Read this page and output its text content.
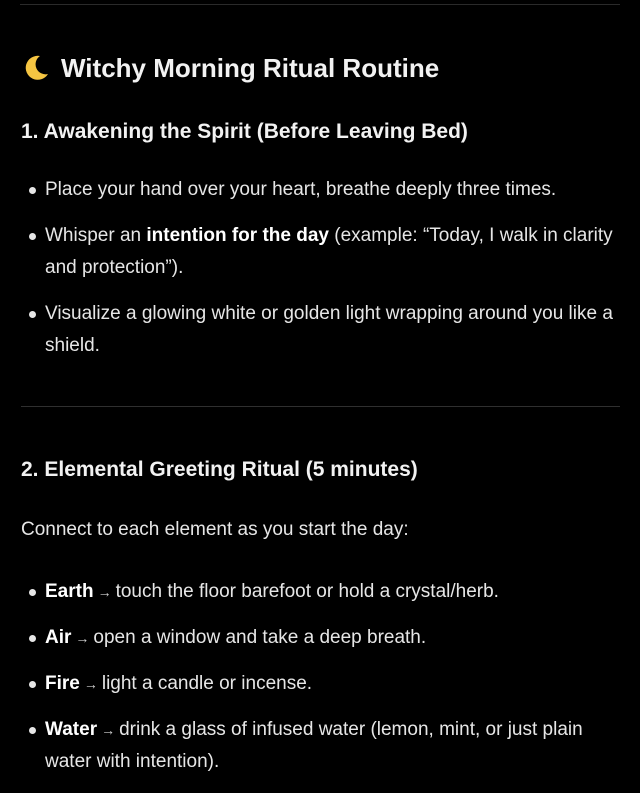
Witchy Morning Ritual Routine
1. Awakening the Spirit (Before Leaving Bed)
Place your hand over your heart, breathe deeply three times.
Whisper an intention for the day (example: “Today, I walk in clarity and protection”).
Visualize a glowing white or golden light wrapping around you like a shield.
2. Elemental Greeting Ritual (5 minutes)
Connect to each element as you start the day:
Earth → touch the floor barefoot or hold a crystal/herb.
Air → open a window and take a deep breath.
Fire → light a candle or incense.
Water → drink a glass of infused water (lemon, mint, or just plain water with intention).
